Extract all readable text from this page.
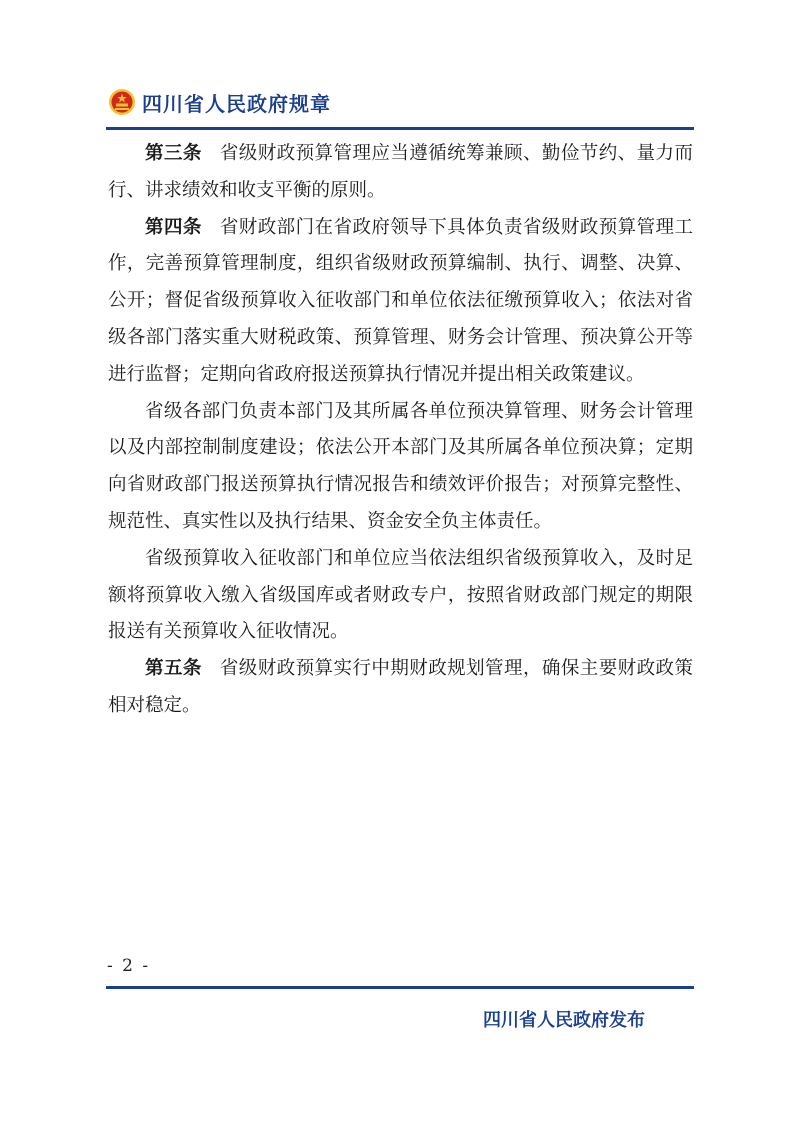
四川省人民政府规章

第三条 省级财政预算管理应当遵循统筹兼顾、勤俭节约、量力而行、讲求绩效和收支平衡的原则。

第四条 省财政部门在省政府领导下具体负责省级财政预算管理工作，完善预算管理制度，组织省级财政预算编制、执行、调整、决算、公开；督促省级预算收入征收部门和单位依法征缴预算收入；依法对省级各部门落实重大财税政策、预算管理、财务会计管理、预决算公开等进行监督；定期向省政府报送预算执行情况并提出相关政策建议。

省级各部门负责本部门及其所属各单位预决算管理、财务会计管理以及内部控制制度建设；依法公开本部门及其所属各单位预决算；定期向省财政部门报送预算执行情况报告和绩效评价报告；对预算完整性、规范性、真实性以及执行结果、资金安全负主体责任。

省级预算收入征收部门和单位应当依法组织省级预算收入，及时足额将预算收入缴入省级国库或者财政专户，按照省财政部门规定的期限报送有关预算收入征收情况。

第五条 省级财政预算实行中期财政规划管理，确保主要财政政策相对稳定。

- 2 -
四川省人民政府发布
